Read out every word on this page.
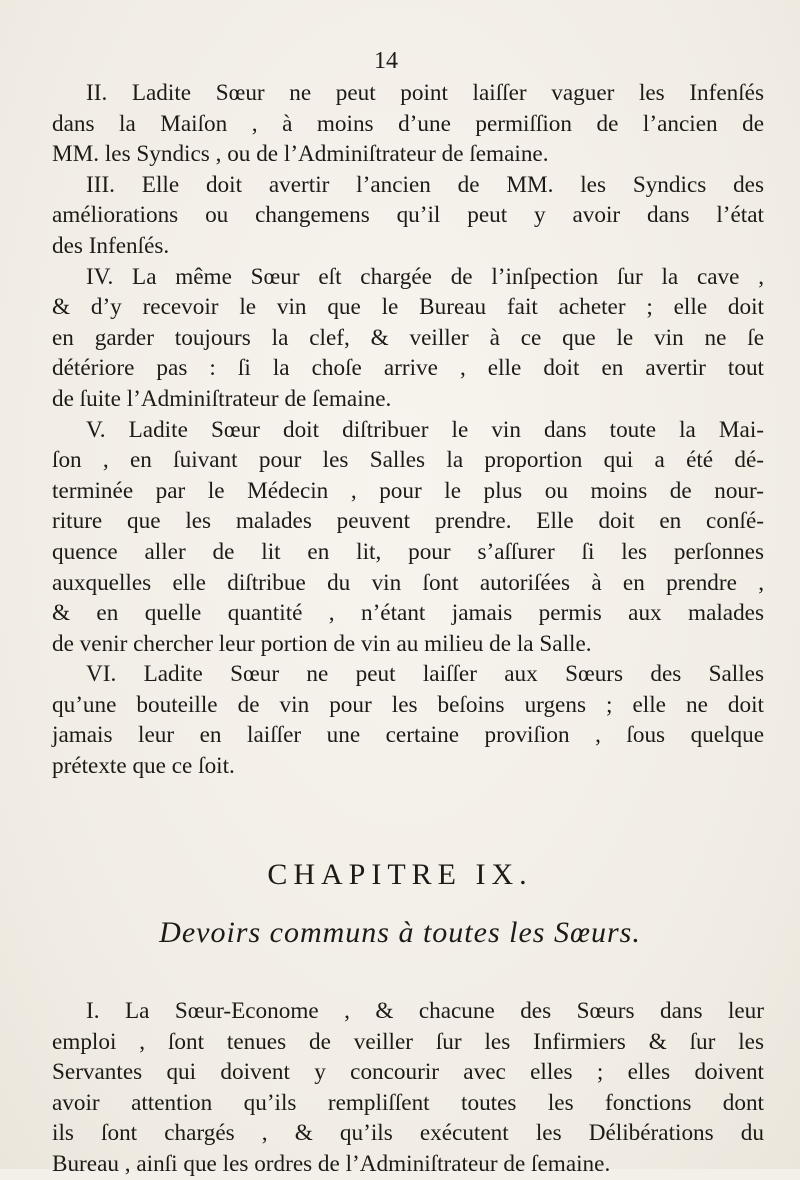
14
II. Ladite Sœur ne peut point laiſſer vaguer les Infenſés
dans la Maiſon , à moins d’une permiſſion de l’ancien de
MM. les Syndics , ou de l’Adminiſtrateur de ſemaine.
III. Elle doit avertir l’ancien de MM. les Syndics des
améliorations ou changemens qu’il peut y avoir dans l’état
des Infenſés.
IV. La même Sœur eſt chargée de l’inſpection ſur la cave ,
& d’y recevoir le vin que le Bureau fait acheter ; elle doit
en garder toujours la clef, & veiller à ce que le vin ne ſe
détériore pas : ſi la choſe arrive , elle doit en avertir tout
de ſuite l’Adminiſtrateur de ſemaine.
V. Ladite Sœur doit diſtribuer le vin dans toute la Mai-
ſon , en ſuivant pour les Salles la proportion qui a été dé-
terminée par le Médecin , pour le plus ou moins de nour-
riture que les malades peuvent prendre. Elle doit en conſé-
quence aller de lit en lit, pour s’aſſurer ſi les perſonnes
auxquelles elle diſtribue du vin ſont autoriſées à en prendre ,
& en quelle quantité , n’étant jamais permis aux malades
de venir chercher leur portion de vin au milieu de la Salle.
VI. Ladite Sœur ne peut laiſſer aux Sœurs des Salles
qu’une bouteille de vin pour les beſoins urgens ; elle ne doit
jamais leur en laiſſer une certaine proviſion , ſous quelque
prétexte que ce ſoit.
CHAPITRE IX.
Devoirs communs à toutes les Sœurs.
I. La Sœur-Econome , & chacune des Sœurs dans leur
emploi , ſont tenues de veiller ſur les Infirmiers & ſur les
Servantes qui doivent y concourir avec elles ; elles doivent
avoir attention qu’ils rempliſſent toutes les fonctions dont
ils ſont chargés , & qu’ils exécutent les Délibérations du
Bureau , ainſi que les ordres de l’Adminiſtrateur de ſemaine.
